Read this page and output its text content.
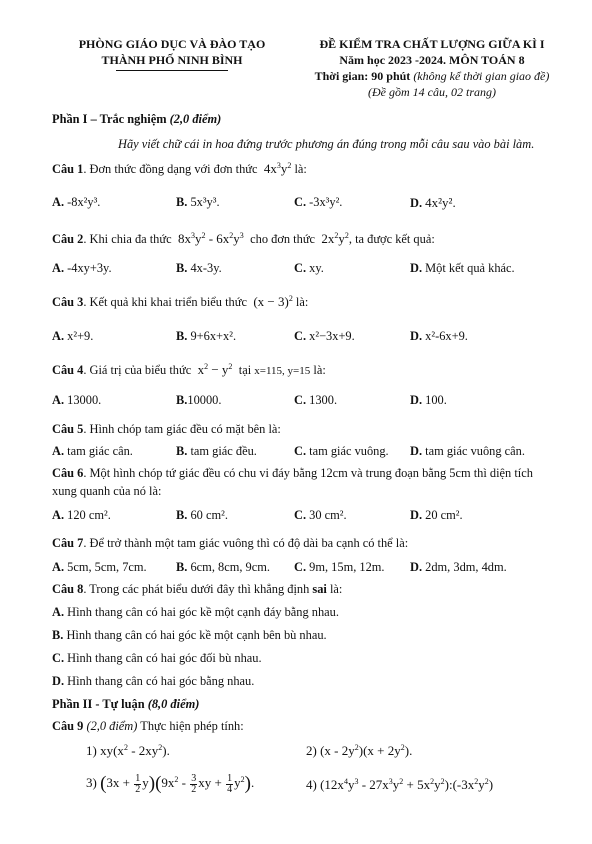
PHÒNG GIÁO DỤC VÀ ĐÀO TẠO
THÀNH PHỐ NINH BÌNH
ĐỀ KIỂM TRA CHẤT LƯỢNG GIỮA KÌ I
Năm học 2023 -2024. MÔN TOÁN 8
Thời gian: 90 phút (không kể thời gian giao đề)
(Đề gồm 14 câu, 02 trang)
Phần I – Trắc nghiệm (2,0 điểm)
Hãy viết chữ cái in hoa đứng trước phương án đúng trong mỗi câu sau vào bài làm.
Câu 1. Đơn thức đồng dạng với đơn thức  $4x^3y^2$ là:
A. -8x²y³.	B. 5x³y³.	C. -3x³y².	D. 4x²y².
Câu 2. Khi chia đa thức  $8x^3y^2 - 6x^2y^3$ cho đơn thức  $2x^2y^2$, ta được kết quả:
A. -4xy+3y.	B. 4x-3y.	C. xy.	D. Một kết quả khác.
Câu 3. Kết quả khi khai triển biểu thức  $(x - 3)^2$ là:
A. x²+9.	B. 9+6x+x².	C. x²−3x+9.	D. x²-6x+9.
Câu 4. Giá trị của biểu thức  $x^2 - y^2$ tại x=115, y=15 là:
A. 13000.	B.10000.	C. 1300.	D. 100.
Câu 5. Hình chóp tam giác đều có mặt bên là:
A. tam giác cân.	B. tam giác đều.	C. tam giác vuông. D. tam giác vuông cân.
Câu 6. Một hình chóp tứ giác đều có chu vi đáy bằng 12cm và trung đoạn bằng 5cm thì diện tích xung quanh của nó là:
A. 120 cm².	B. 60 cm².	C. 30 cm².	D. 20 cm².
Câu 7. Để trở thành một tam giác vuông thì có độ dài ba cạnh có thể là:
A. 5cm, 5cm, 7cm. B. 6cm, 8cm, 9cm. C. 9m, 15m, 12m. D. 2dm, 3dm, 4dm.
Câu 8. Trong các phát biểu dưới đây thì khẳng định sai là:
A. Hình thang cân có hai góc kề một cạnh đáy bằng nhau.
B. Hình thang cân có hai góc kề một cạnh bên bù nhau.
C. Hình thang cân có hai góc đối bù nhau.
D. Hình thang cân có hai góc bằng nhau.
Phần II - Tự luận (8,0 điểm)
Câu 9 (2,0 điểm) Thực hiện phép tính:
1) $xy(x^2 - 2xy^2)$.	2) $(x - 2y^2)(x + 2y^2)$.
3) $(3x + \frac{1}{2} y)(9x^2 - \frac{3}{2}$ xy + $\frac{1}{4} y^2$).	4) ($12x^4y^3 - 27x^3y^2$ + $5x^2y^2):(-3x^2y^2)$
